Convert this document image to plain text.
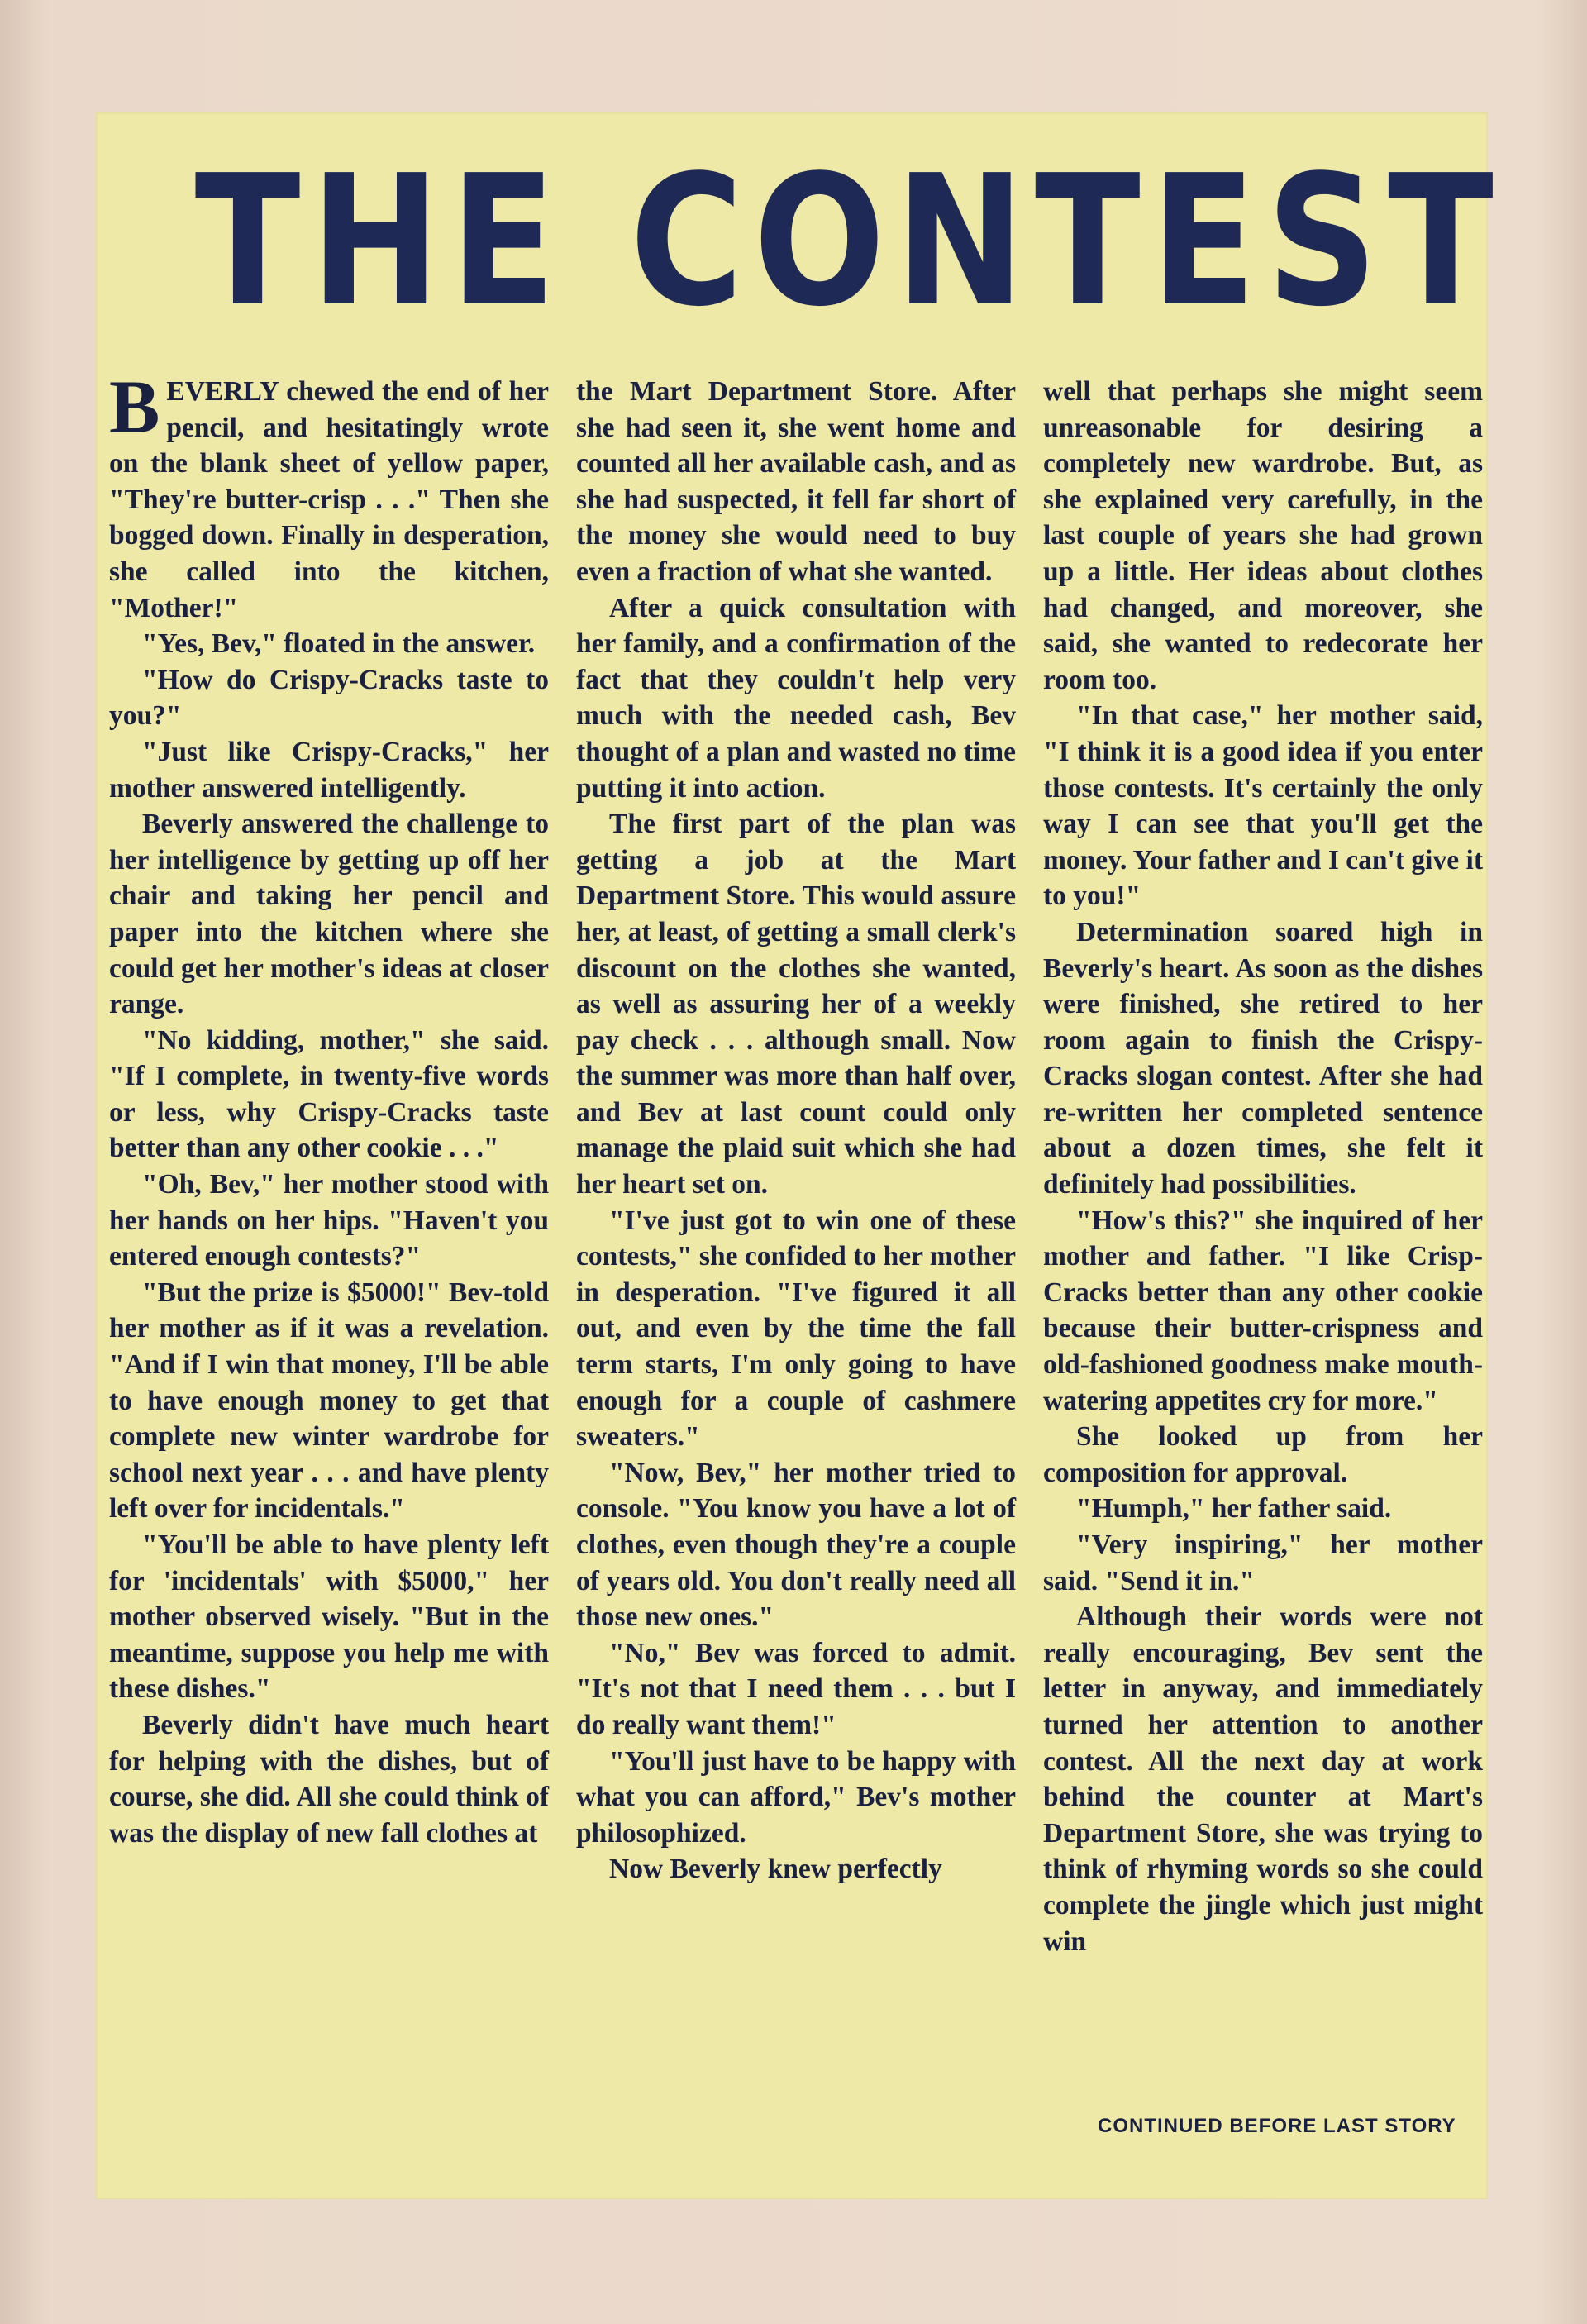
THE CONTEST

BEVERLY chewed the end of her pencil, and hesitatingly wrote on the blank sheet of yellow paper, "They're butter-crisp . . ." Then she bogged down. Finally in desperation, she called into the kitchen, "Mother!"

"Yes, Bev," floated in the answer.

"How do Crispy-Cracks taste to you?"

"Just like Crispy-Cracks," her mother answered intelligently.

Beverly answered the challenge to her intelligence by getting up off her chair and taking her pencil and paper into the kitchen where she could get her mother's ideas at closer range.

"No kidding, mother," she said. "If I complete, in twenty-five words or less, why Crispy-Cracks taste better than any other cookie . . ."

"Oh, Bev," her mother stood with her hands on her hips. "Haven't you entered enough contests?"

"But the prize is $5000!" Bev-told her mother as if it was a revelation. "And if I win that money, I'll be able to have enough money to get that complete new winter wardrobe for school next year . . . and have plenty left over for incidentals."

"You'll be able to have plenty left for 'incidentals' with $5000," her mother observed wisely. "But in the meantime, suppose you help me with these dishes."

Beverly didn't have much heart for helping with the dishes, but of course, she did. All she could think of was the display of new fall clothes at

the Mart Department Store. After she had seen it, she went home and counted all her available cash, and as she had suspected, it fell far short of the money she would need to buy even a fraction of what she wanted.

After a quick consultation with her family, and a confirmation of the fact that they couldn't help very much with the needed cash, Bev thought of a plan and wasted no time putting it into action.

The first part of the plan was getting a job at the Mart Department Store. This would assure her, at least, of getting a small clerk's discount on the clothes she wanted, as well as assuring her of a weekly pay check . . . although small. Now the summer was more than half over, and Bev at last count could only manage the plaid suit which she had her heart set on.

"I've just got to win one of these contests," she confided to her mother in desperation. "I've figured it all out, and even by the time the fall term starts, I'm only going to have enough for a couple of cashmere sweaters."

"Now, Bev," her mother tried to console. "You know you have a lot of clothes, even though they're a couple of years old. You don't really need all those new ones."

"No," Bev was forced to admit. "It's not that I need them . . . but I do really want them!"

"You'll just have to be happy with what you can afford," Bev's mother philosophized.

Now Beverly knew perfectly

well that perhaps she might seem unreasonable for desiring a completely new wardrobe. But, as she explained very carefully, in the last couple of years she had grown up a little. Her ideas about clothes had changed, and moreover, she said, she wanted to redecorate her room too.

"In that case," her mother said, "I think it is a good idea if you enter those contests. It's certainly the only way I can see that you'll get the money. Your father and I can't give it to you!"

Determination soared high in Beverly's heart. As soon as the dishes were finished, she retired to her room again to finish the Crispy-Cracks slogan contest. After she had re-written her completed sentence about a dozen times, she felt it definitely had possibilities.

"How's this?" she inquired of her mother and father. "I like Crisp-Cracks better than any other cookie because their butter-crispness and old-fashioned goodness make mouth-watering appetites cry for more."

She looked up from her composition for approval.

"Humph," her father said.

"Very inspiring," her mother said. "Send it in."

Although their words were not really encouraging, Bev sent the letter in anyway, and immediately turned her attention to another contest. All the next day at work behind the counter at Mart's Department Store, she was trying to think of rhyming words so she could complete the jingle which just might win

CONTINUED BEFORE LAST STORY
